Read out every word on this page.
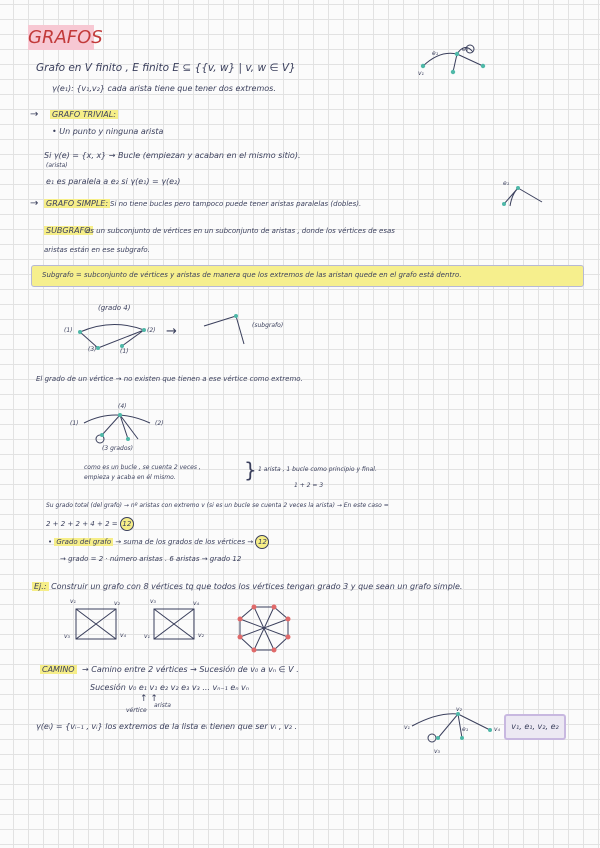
GRAFOS
Grafo en V finito , E finito E ⊆ {{v, w} | v, w ∈ V}
γ(e₁): {v₁,v₂} cada arista tiene que tener dos extremos.
e₁
e₂
v₁
→ GRAFO TRIVIAL:
• Un punto y ninguna arista
Si γ(e) = {x, x} → Bucle (empiezan y acaban en el mismo sitio).
(arista)
e₁ es paralela a e₂ si γ(e₁) = γ(e₂)	e₁
→ GRAFO SIMPLE: Si no tiene bucles pero tampoco puede tener aristas paralelas (dobles).
SUBGRAFO
es un subconjunto de vértices en un subconjunto de aristas , donde los vértices de esas
aristas están en ese subgrafo.
Subgrafo = subconjunto de vértices y aristas de manera que los extremos de las aristan quede en el grafo está dentro.
(grado 4)
(1)	(2)
(3)	(1)
→	(subgrafo)
El grado de un vértice → no existen que tienen a ese vértice como extremo.
(4)
(1)	(2)
(3 grados)
como es un bucle , se cuenta 2 veces ,
empieza y acaba en él mismo.	} 1 arista , 1 bucle como principio y final.
1 + 2 = 3
Su grado total (del grafo) → nº aristas con extremo v (si es un bucle se cuenta 2 veces la arista) → En este caso =
2 + 2 + 2 + 4 + 2 = 12
• Grado del grafo → suma de los grados de los vértices → 12
→ grado = 2 · número aristas . 6 aristas → grado 12
Ej.: Construir un grafo con 8 vértices tq que todos los vértices tengan grado 3 y que sean un grafo simple.
v₁	v₂
v₃	v₄
v₃	v₄
v₁	v₂
CAMINO → Camino entre 2 vértices → Sucesión de v₀ a vₙ ∈ V .
Sucesión v₀ e₁ v₁ e₂ v₂ e₃ v₃ ... vₙ₋₁ eₙ vₙ
↑ ↑
vértice
arista
γ(eᵢ) = {vᵢ₋₁ , vᵢ} los extremos de la lista eᵢ tienen que ser vᵢ , v₂ .	v₁
v₂
v₃
v₄
e₁	v₁, e₁, v₂, e₂
